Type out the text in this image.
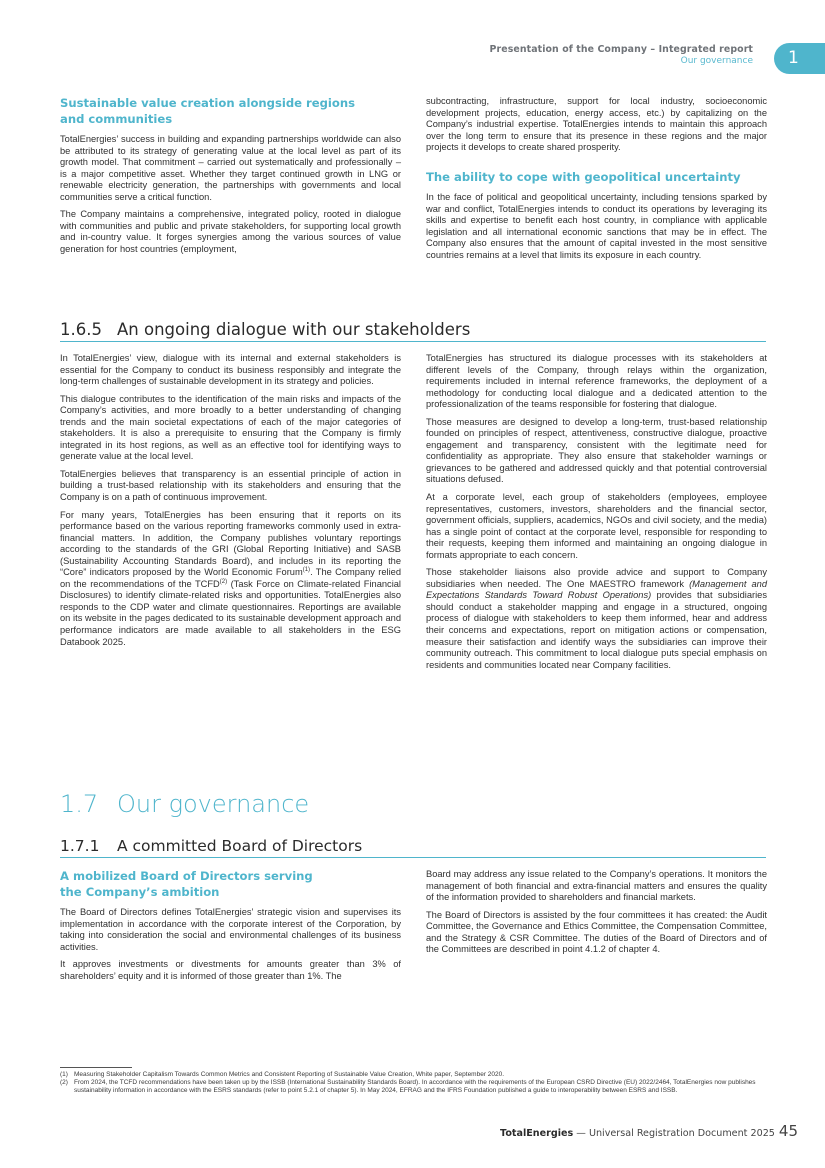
Presentation of the Company – Integrated report
Our governance	1
Sustainable value creation alongside regions and communities

TotalEnergies’ success in building and expanding partnerships worldwide can also be attributed to its strategy of generating value at the local level as part of its growth model. That commitment – carried out systematically and professionally – is a major competitive asset. Whether they target continued growth in LNG or renewable electricity generation, the partnerships with governments and local communities serve a critical function.

The Company maintains a comprehensive, integrated policy, rooted in dialogue with communities and public and private stakeholders, for supporting local growth and in-country value. It forges synergies among the various sources of value generation for host countries (employment,

subcontracting, infrastructure, support for local industry, socioeconomic development projects, education, energy access, etc.) by capitalizing on the Company’s industrial expertise. TotalEnergies intends to maintain this approach over the long term to ensure that its presence in these regions and the major projects it develops to create shared prosperity.

The ability to cope with geopolitical uncertainty

In the face of political and geopolitical uncertainty, including tensions sparked by war and conflict, TotalEnergies intends to conduct its operations by leveraging its skills and expertise to benefit each host country, in compliance with applicable legislation and all international economic sanctions that may be in effect. The Company also ensures that the amount of capital invested in the most sensitive countries remains at a level that limits its exposure in each country.

1.6.5 An ongoing dialogue with our stakeholders

In TotalEnergies’ view, dialogue with its internal and external stakeholders is essential for the Company to conduct its business responsibly and integrate the long-term challenges of sustainable development in its strategy and policies.

This dialogue contributes to the identification of the main risks and impacts of the Company’s activities, and more broadly to a better understanding of changing trends and the main societal expectations of each of the major categories of stakeholders. It is also a prerequisite to ensuring that the Company is firmly integrated in its host regions, as well as an effective tool for identifying ways to generate value at the local level.

TotalEnergies believes that transparency is an essential principle of action in building a trust-based relationship with its stakeholders and ensuring that the Company is on a path of continuous improvement.

For many years, TotalEnergies has been ensuring that it reports on its performance based on the various reporting frameworks commonly used in extra-financial matters. In addition, the Company publishes voluntary reportings according to the standards of the GRI (Global Reporting Initiative) and SASB (Sustainability Accounting Standards Board), and includes in its reporting the “Core” indicators proposed by the World Economic Forum$^{(1)}$. The Company relied on the recommendations of the TCFD$^{(2)}$ (Task Force on Climate-related Financial Disclosures) to identify climate-related risks and opportunities. TotalEnergies also responds to the CDP water and climate questionnaires. Reportings are available on its website in the pages dedicated to its sustainable development approach and performance indicators are made available to all stakeholders in the ESG Databook 2025.

TotalEnergies has structured its dialogue processes with its stakeholders at different levels of the Company, through relays within the organization, requirements included in internal reference frameworks, the deployment of a methodology for conducting local dialogue and a dedicated attention to the professionalization of the teams responsible for fostering that dialogue.

Those measures are designed to develop a long-term, trust-based relationship founded on principles of respect, attentiveness, constructive dialogue, proactive engagement and transparency, consistent with the legitimate need for confidentiality as appropriate. They also ensure that stakeholder warnings or grievances to be gathered and addressed quickly and that potential controversial situations defused.

At a corporate level, each group of stakeholders (employees, employee representatives, customers, investors, shareholders and the financial sector, government officials, suppliers, academics, NGOs and civil society, and the media) has a single point of contact at the corporate level, responsible for responding to their requests, keeping them informed and maintaining an ongoing dialogue in formats appropriate to each concern.

Those stakeholder liaisons also provide advice and support to Company subsidiaries when needed. The One MAESTRO framework (Management and Expectations Standards Toward Robust Operations) provides that subsidiaries should conduct a stakeholder mapping and engage in a structured, ongoing process of dialogue with stakeholders to keep them informed, hear and address their concerns and expectations, report on mitigation actions or compensation, measure their satisfaction and identify ways the subsidiaries can improve their community outreach. This commitment to local dialogue puts special emphasis on residents and communities located near Company facilities.

1.7 Our governance
1.7.1 A committed Board of Directors
A mobilized Board of Directors serving the Company’s ambition

The Board of Directors defines TotalEnergies’ strategic vision and supervises its implementation in accordance with the corporate interest of the Corporation, by taking into consideration the social and environmental challenges of its business activities.

It approves investments or divestments for amounts greater than 3% of shareholders’ equity and it is informed of those greater than 1%. The

Board may address any issue related to the Company’s operations. It monitors the management of both financial and extra-financial matters and ensures the quality of the information provided to shareholders and financial markets.

The Board of Directors is assisted by the four committees it has created: the Audit Committee, the Governance and Ethics Committee, the Compensation Committee, and the Strategy & CSR Committee. The duties of the Board of Directors and of the Committees are described in point 4.1.2 of chapter 4.

(1) Measuring Stakeholder Capitalism Towards Common Metrics and Consistent Reporting of Sustainable Value Creation, White paper, September 2020.
(2) From 2024, the TCFD recommendations have been taken up by the ISSB (International Sustainability Standards Board). In accordance with the requirements of the European CSRD Directive (EU) 2022/2464, TotalEnergies now publishes sustainability information in accordance with the ESRS standards (refer to point 5.2.1 of chapter 5). In May 2024, EFRAG and the IFRS Foundation published a guide to interoperability between ESRS and ISSB.
TotalEnergies — Universal Registration Document 2025 45
